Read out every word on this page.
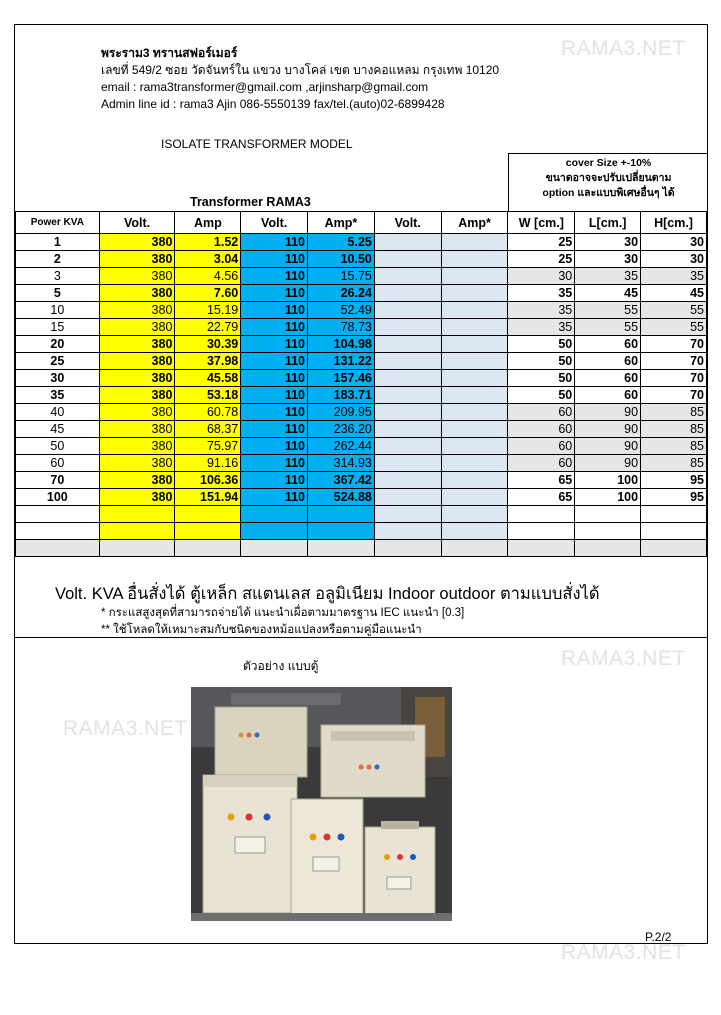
RAMA3.NET
RAMA3.NET
RAMA3.NET
RAMA3.NET
พระราม3 ทรานสฟอร์เมอร์
เลขที่ 549/2 ซอย วัดจันทร์ใน แขวง บางโคล่ เขต บางคอแหลม กรุงเทพ 10120
email : rama3transformer@gmail.com ,arjinsharp@gmail.com
Admin line id : rama3 Ajin 086-5550139 fax/tel.(auto)02-6899428
ISOLATE TRANSFORMER MODEL
cover Size +-10%
ขนาดอาจจะปรับเปลี่ยนตาม
option และแบบพิเศษอื่นๆ ได้
Transformer RAMA3
Power KVA	Volt.	Amp	Volt.	Amp*	Volt.	Amp*	W [cm.]	L[cm.]	H[cm.]
1	380	1.52	110	5.25			25	30	30
2	380	3.04	110	10.50			25	30	30
3	380	4.56	110	15.75			30	35	35
5	380	7.60	110	26.24			35	45	45
10	380	15.19	110	52.49			35	55	55
15	380	22.79	110	78.73			35	55	55
20	380	30.39	110	104.98			50	60	70
25	380	37.98	110	131.22			50	60	70
30	380	45.58	110	157.46			50	60	70
35	380	53.18	110	183.71			50	60	70
40	380	60.78	110	209.95			60	90	85
45	380	68.37	110	236.20			60	90	85
50	380	75.97	110	262.44			60	90	85
60	380	91.16	110	314.93			60	90	85
70	380	106.36	110	367.42			65	100	95
100	380	151.94	110	524.88			65	100	95

Volt. KVA อื่นสั่งได้ ตู้เหล็ก สแตนเลส อลูมิเนียม Indoor outdoor ตามแบบสั่งได้
* กระแสสูงสุดที่สามารถจ่ายได้ แนะนำเผื่อตามมาตรฐาน IEC แนะนำ [0.3]
** ใช้โหลดให้เหมาะสมกับชนิดของหม้อแปลงหรือตามคู่มือแนะนำ
ตัวอย่าง แบบตู้
P.2/2
